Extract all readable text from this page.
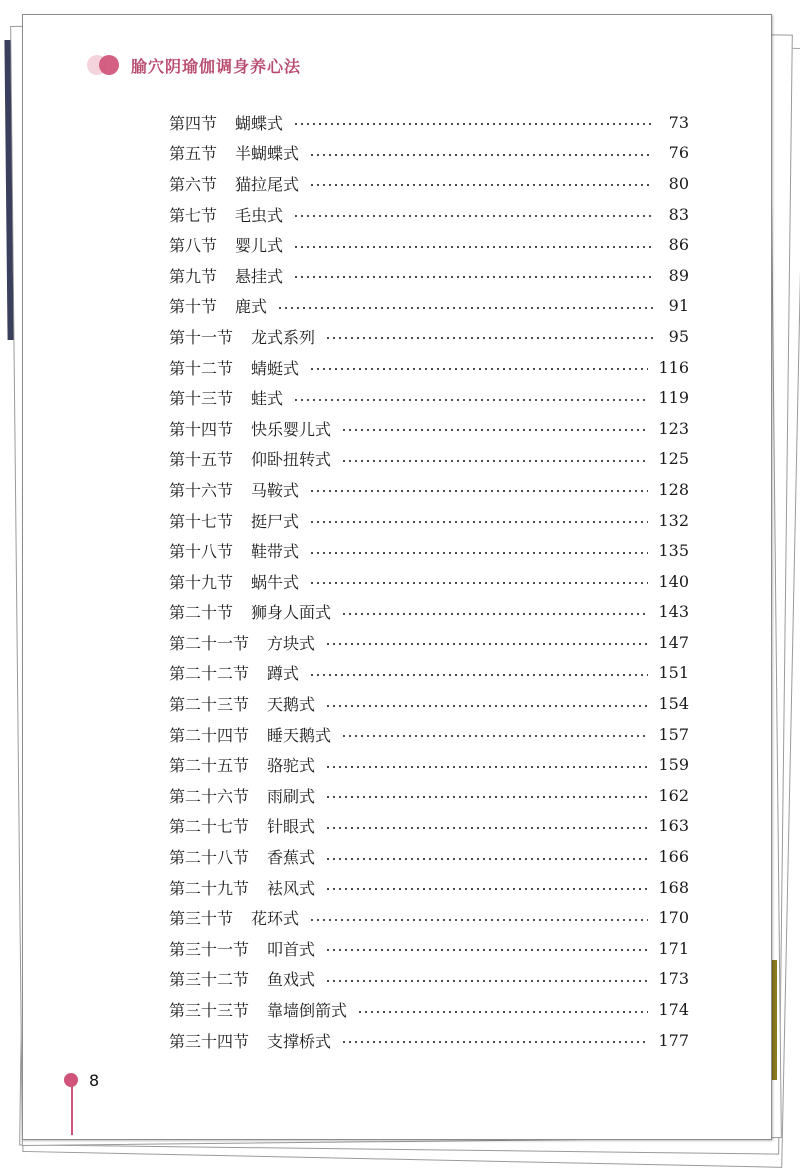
腧穴阴瑜伽调身养心法
第四节 蝴蝶式	73
第五节 半蝴蝶式	76
第六节 猫拉尾式	80
第七节 毛虫式	83
第八节 婴儿式	86
第九节 悬挂式	89
第十节 鹿式	91
第十一节 龙式系列	95
第十二节 蜻蜓式	116
第十三节 蛙式	119
第十四节 快乐婴儿式	123
第十五节 仰卧扭转式	125
第十六节 马鞍式	128
第十七节 挺尸式	132
第十八节 鞋带式	135
第十九节 蜗牛式	140
第二十节 狮身人面式	143
第二十一节 方块式	147
第二十二节 蹲式	151
第二十三节 天鹅式	154
第二十四节 睡天鹅式	157
第二十五节 骆驼式	159
第二十六节 雨刷式	162
第二十七节 针眼式	163
第二十八节 香蕉式	166
第二十九节 袪风式	168
第三十节 花环式	170
第三十一节 叩首式	171
第三十二节 鱼戏式	173
第三十三节 靠墙倒箭式	174
第三十四节 支撑桥式	177
8
